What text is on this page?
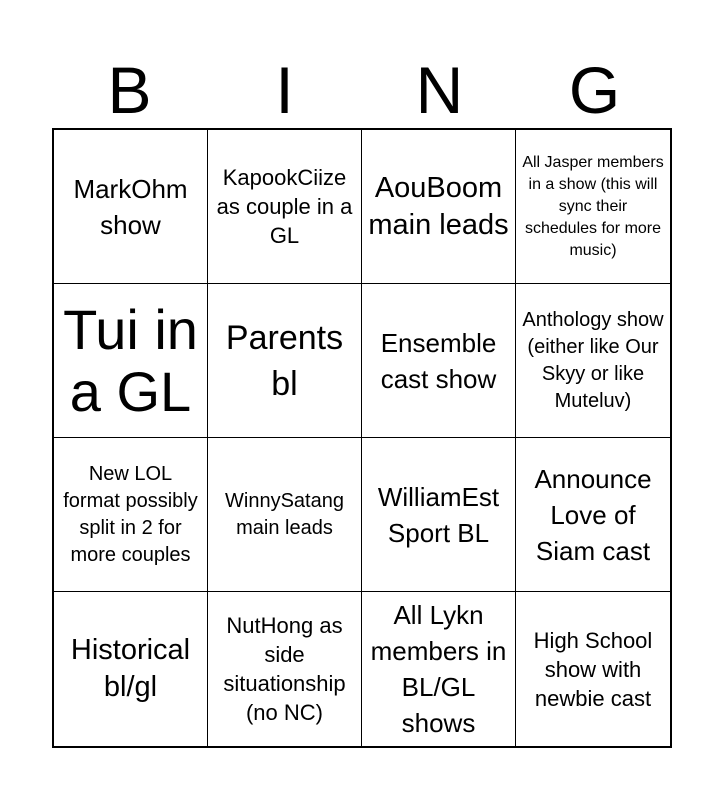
B	I	N	G
MarkOhm show
KapookCiize as couple in a GL
AouBoom main leads
All Jasper members in a show (this will sync their schedules for more music)
Tui in a GL
Parents bl
Ensemble cast show
Anthology show (either like Our Skyy or like Muteluv)
New LOL format possibly split in 2 for more couples
WinnySatang main leads
WilliamEst Sport BL
Announce Love of Siam cast
Historical bl/gl
NutHong as side situationship (no NC)
All Lykn members in BL/GL shows
High School show with newbie cast
